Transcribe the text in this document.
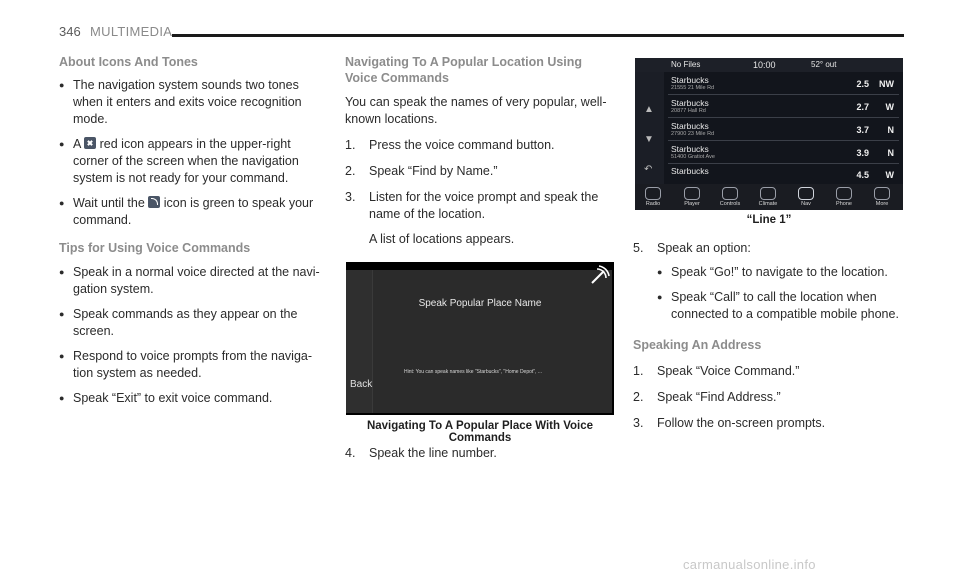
346 MULTIMEDIA
About Icons And Tones
● The navigation system sounds two tones when it enters and exits voice recognition mode.
● A red icon appears in the upper-right corner of the screen when the navigation system is not ready for your command.
● Wait until the icon is green to speak your command.
Tips for Using Voice Commands
● Speak in a normal voice directed at the navi-gation system.
● Speak commands as they appear on the screen.
● Respond to voice prompts from the naviga-tion system as needed.
● Speak “Exit” to exit voice command.
Navigating To A Popular Location Using Voice Commands

You can speak the names of very popular, well-known locations.

1. Press the voice command button.
2. Speak “Find by Name.”
3. Listen for the voice prompt and speak the name of the location.

A list of locations appears.

Speak Popular Place Name
Hint: You can speak names like "Starbucks", "Home Depot", ...
Back
Navigating To A Popular Place With Voice Commands
4. Speak the line number.
No Files	10:00	52° out
▲
▼
↶
Starbucks
21555 21 Mile Rd	2.5 NW
Starbucks
20877 Hall Rd	2.7 W
Starbucks
27900 23 Mile Rd	3.7 N
Starbucks
51400 Gratiot Ave	3.9 N
Starbucks	4.5 W
Radio	Player	Controls	Climate	Nav	Phone	More
“Line 1”
5. Speak an option:
● Speak “Go!” to navigate to the location.
● Speak “Call” to call the location when connected to a compatible mobile phone.
Speaking An Address
1. Speak “Voice Command.”
2. Speak “Find Address.”
3. Follow the on-screen prompts.
carmanualsonline.info
